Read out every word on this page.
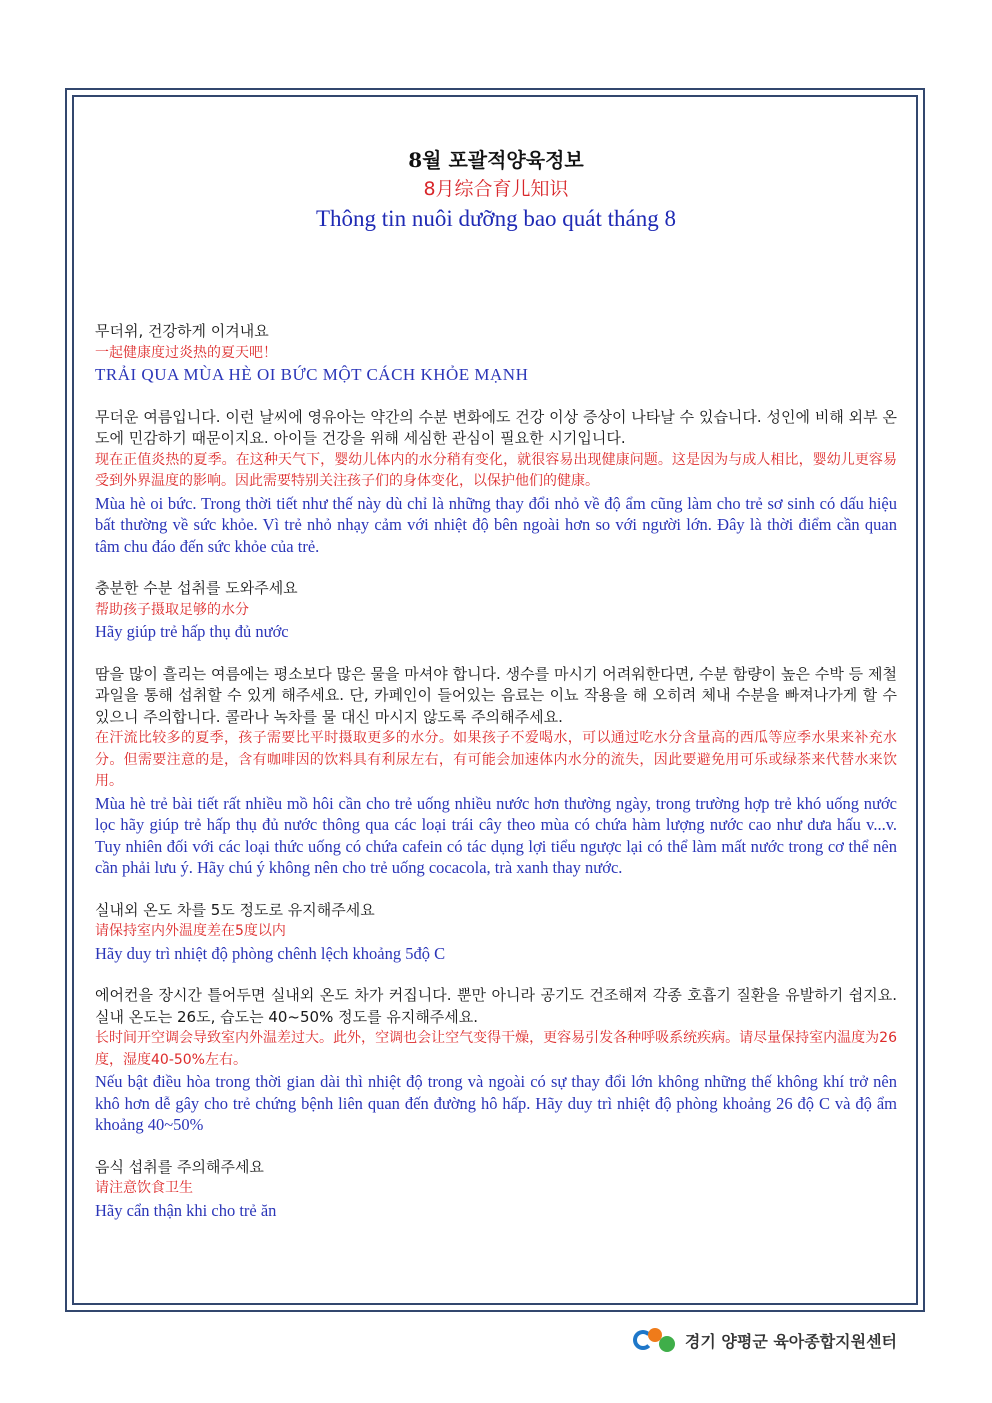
8월 포괄적양육정보
8月综合育儿知识
Thông tin nuôi dưỡng bao quát tháng 8

무더위, 건강하게 이겨내요

一起健康度过炎热的夏天吧！

TRẢI QUA MÙA HÈ OI BỨC MỘT CÁCH KHỎE MẠNH

무더운 여름입니다. 이런 날씨에 영유아는 약간의 수분 변화에도 건강 이상 증상이 나타날 수 있습니다. 성인에 비해 외부 온도에 민감하기 때문이지요. 아이들 건강을 위해 세심한 관심이 필요한 시기입니다.

现在正值炎热的夏季。在这种天气下，婴幼儿体内的水分稍有变化，就很容易出现健康问题。这是因为与成人相比，婴幼儿更容易受到外界温度的影响。因此需要特别关注孩子们的身体变化，以保护他们的健康。

Mùa hè oi bức. Trong thời tiết như thế này dù chỉ là những thay đổi nhỏ về độ ẩm cũng làm cho trẻ sơ sinh có dấu hiệu bất thường về sức khỏe. Vì trẻ nhỏ nhạy cảm với nhiệt độ bên ngoài hơn so với người lớn. Đây là thời điểm cần quan tâm chu đáo đến sức khỏe của trẻ.

충분한 수분 섭취를 도와주세요

帮助孩子摄取足够的水分

Hãy giúp trẻ hấp thụ đủ nước

땀을 많이 흘리는 여름에는 평소보다 많은 물을 마셔야 합니다. 생수를 마시기 어려워한다면, 수분 함량이 높은 수박 등 제철과일을 통해 섭취할 수 있게 해주세요. 단, 카페인이 들어있는 음료는 이뇨 작용을 해 오히려 체내 수분을 빠져나가게 할 수 있으니 주의합니다. 콜라나 녹차를 물 대신 마시지 않도록 주의해주세요.

在汗流比较多的夏季，孩子需要比平时摄取更多的水分。如果孩子不爱喝水，可以通过吃水分含量高的西瓜等应季水果来补充水分。但需要注意的是，含有咖啡因的饮料具有利尿左右，有可能会加速体内水分的流失，因此要避免用可乐或绿茶来代替水来饮用。

Mùa hè trẻ bài tiết rất nhiều mồ hôi cần cho trẻ uống nhiều nước hơn thường ngày, trong trường hợp trẻ khó uống nước lọc hãy giúp trẻ hấp thụ đủ nước thông qua các loại trái cây theo mùa có chứa hàm lượng nước cao như dưa hấu v...v. Tuy nhiên đối với các loại thức uống có chứa cafein có tác dụng lợi tiểu ngược lại có thể làm mất nước trong cơ thể nên cần phải lưu ý. Hãy chú ý không nên cho trẻ uống cocacola, trà xanh thay nước.

실내외 온도 차를 5도 정도로 유지해주세요

请保持室内外温度差在5度以内

Hãy duy trì nhiệt độ phòng chênh lệch khoảng 5độ C

에어컨을 장시간 틀어두면 실내외 온도 차가 커집니다. 뿐만 아니라 공기도 건조해져 각종 호흡기 질환을 유발하기 쉽지요. 실내 온도는 26도, 습도는 40~50% 정도를 유지해주세요.

长时间开空调会导致室内外温差过大。此外，空调也会让空气变得干燥，更容易引发各种呼吸系统疾病。请尽量保持室内温度为26度，湿度40-50%左右。

Nếu bật điều hòa trong thời gian dài thì nhiệt độ trong và ngoài có sự thay đổi lớn không những thế không khí trở nên khô hơn dễ gây cho trẻ chứng bệnh liên quan đến đường hô hấp. Hãy duy trì nhiệt độ phòng khoảng 26 độ C và độ ẩm khoảng 40~50%

음식 섭취를 주의해주세요

请注意饮食卫生

Hãy cẩn thận khi cho trẻ ăn

경기 양평군 육아종합지원센터
